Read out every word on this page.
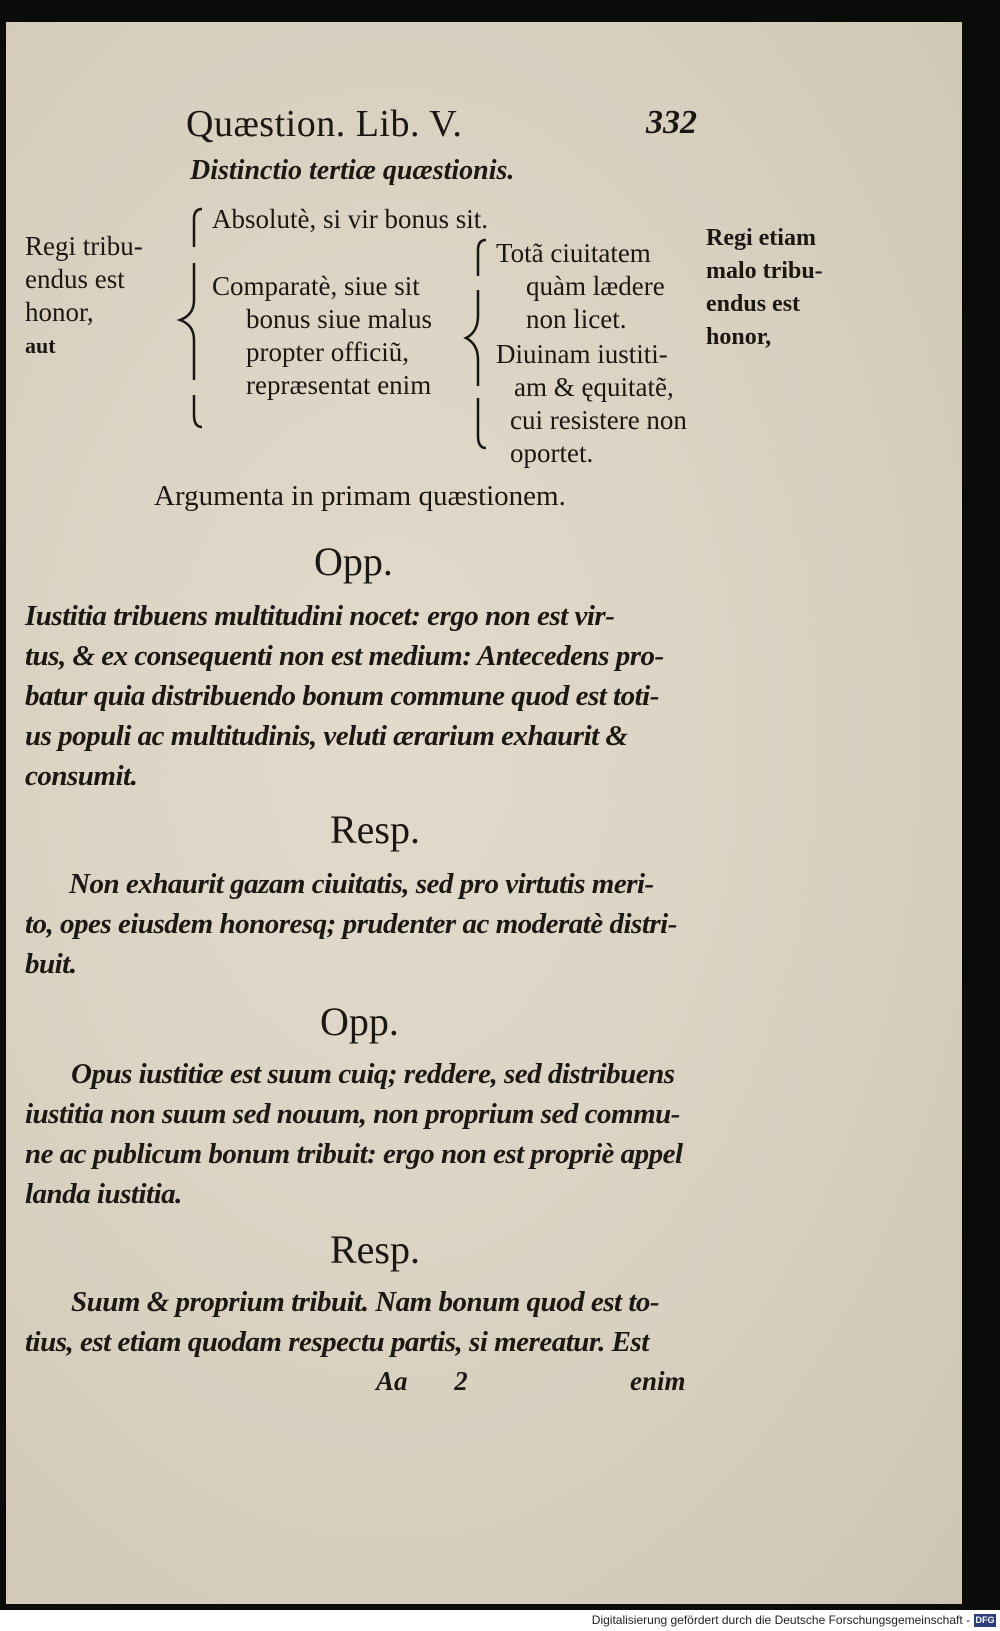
Quæstion. Lib. V.	332
Distinctio tertiæ quæstionis.
Regi tribu-
endus est
honor,
aut
Absolutè, si vir bonus sit.
Comparatè, siue sit
bonus siue malus
propter officiũ,
repræsentat enim
Totã ciuitatem
quàm lædere
non licet.
Diuinam iustiti-
am & ęquitatẽ,
cui resistere non
oportet.
Regi etiam
malo tribu-
endus est
honor,
Argumenta in primam quæstionem.
Opp.
Iustitia tribuens multitudini nocet: ergo non est vir-
tus, & ex consequenti non est medium: Antecedens pro-
batur quia distribuendo bonum commune quod est toti-
us populi ac multitudinis, veluti ærarium exhaurit &
consumit.
Resp.
Non exhaurit gazam ciuitatis, sed pro virtutis meri-
to, opes eiusdem honoresq; prudenter ac moderatè distri-
buit.
Opp.
Opus iustitiæ est suum cuiq; reddere, sed distribuens
iustitia non suum sed nouum, non proprium sed commu-
ne ac publicum bonum tribuit: ergo non est propriè appel
landa iustitia.
Resp.
Suum & proprium tribuit. Nam bonum quod est to-
tius, est etiam quodam respectu partis, si mereatur. Est
Aa 2	enim
Digitalisierung gefördert durch die Deutsche Forschungsgemeinschaft - DFG
